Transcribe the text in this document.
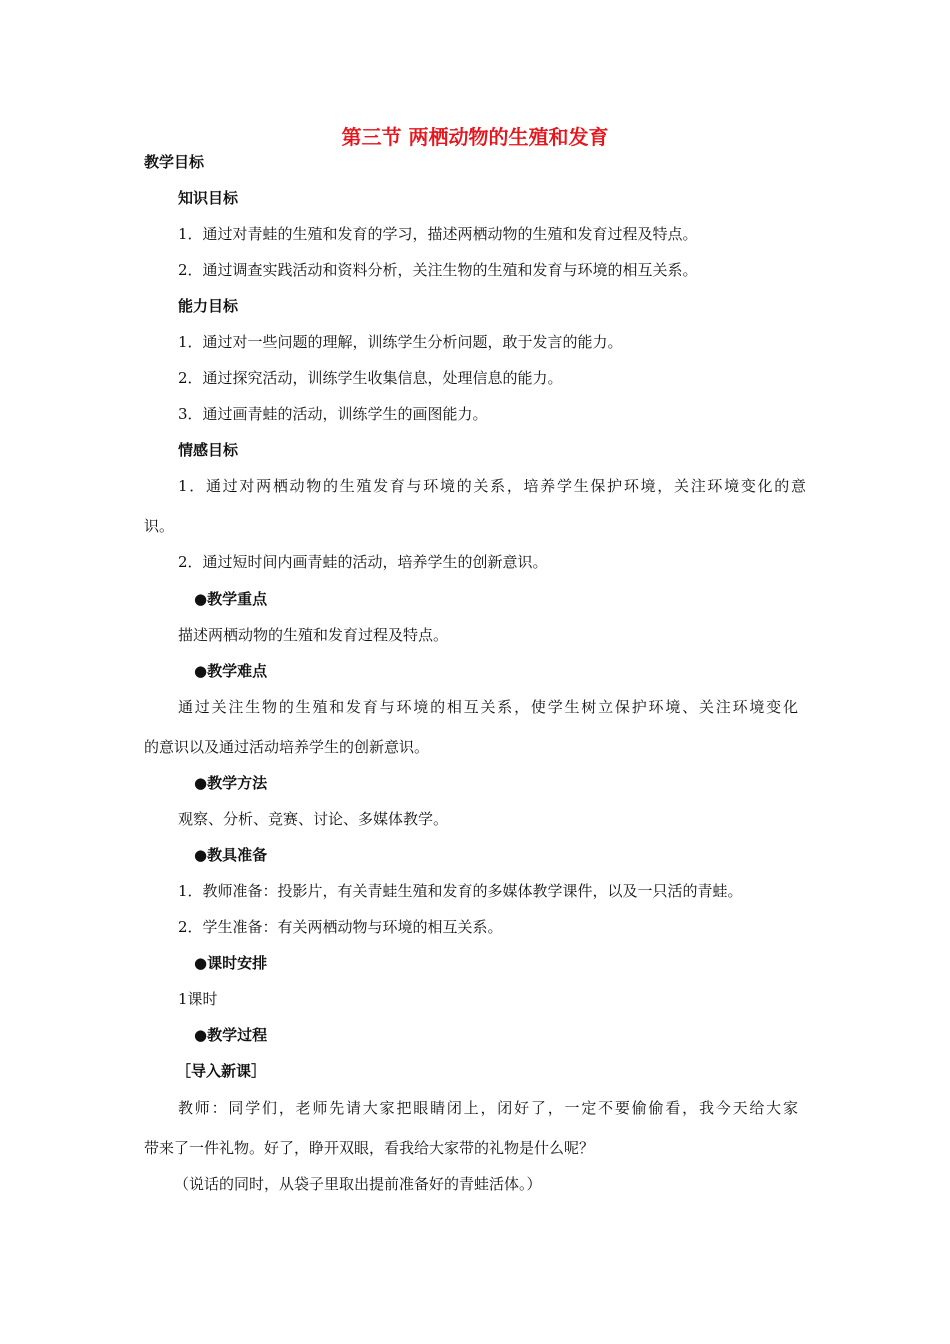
第三节 两栖动物的生殖和发育
教学目标
知识目标
1．通过对青蛙的生殖和发育的学习，描述两栖动物的生殖和发育过程及特点。
2．通过调查实践活动和资料分析，关注生物的生殖和发育与环境的相互关系。
能力目标
1．通过对一些问题的理解，训练学生分析问题，敢于发言的能力。
2．通过探究活动，训练学生收集信息，处理信息的能力。
3．通过画青蛙的活动，训练学生的画图能力。
情感目标
1．通过对两栖动物的生殖发育与环境的关系，培养学生保护环境，关注环境变化的意
识。
2．通过短时间内画青蛙的活动，培养学生的创新意识。
●教学重点
描述两栖动物的生殖和发育过程及特点。
●教学难点
通过关注生物的生殖和发育与环境的相互关系，使学生树立保护环境、关注环境变化
的意识以及通过活动培养学生的创新意识。
●教学方法
观察、分析、竞赛、讨论、多媒体教学。
●教具准备
1．教师准备：投影片，有关青蛙生殖和发育的多媒体教学课件，以及一只活的青蛙。
2．学生准备：有关两栖动物与环境的相互关系。
●课时安排
1课时
●教学过程
［导入新课］
教师：同学们，老师先请大家把眼睛闭上，闭好了，一定不要偷偷看，我今天给大家
带来了一件礼物。好了，睁开双眼，看我给大家带的礼物是什么呢？
（说话的同时，从袋子里取出提前准备好的青蛙活体。）
